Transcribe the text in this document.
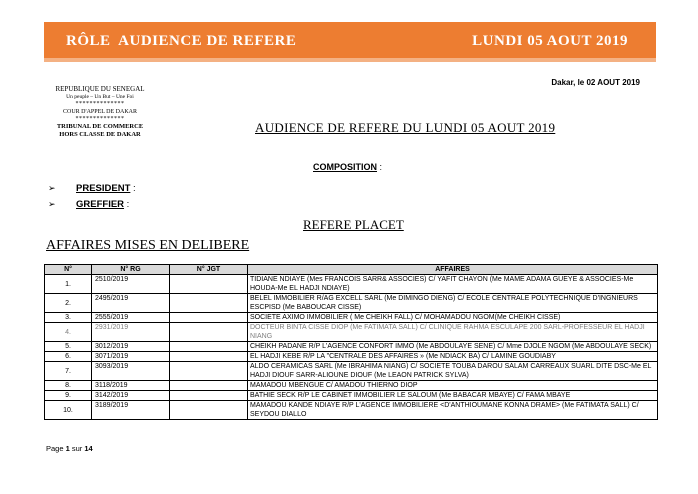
RÔLE  AUDIENCE DE REFERE	LUNDI 05 AOUT 2019
Dakar, le 02 AOUT 2019
REPUBLIQUE DU SENEGAL
Un peuple – Un But – Une Foi
**************
COUR D'APPEL DE DAKAR
**************
TRIBUNAL DE COMMERCE
HORS CLASSE DE DAKAR	AUDIENCE DE REFERE DU LUNDI 05 AOUT 2019
COMPOSITION :
➢ PRESIDENT :
➢ GREFFIER :
REFERE PLACET
AFFAIRES MISES EN DELIBERE
N°	N° RG	N° JGT	AFFAIRES
1.	2510/2019		TIDIANE NDIAYE (Mes FRANCOIS SARR& ASSOCIES) C/ YAFIT CHAYON (Me MAME ADAMA GUEYE & ASSOCIES-Me HOUDA-Me EL HADJI NDIAYE)
2.	2495/2019		BELEL IMMOBILIER R/AG EXCELL SARL (Me DIMINGO DIENG) C/ ECOLE CENTRALE POLYTECHNIQUE D'INGNIEURS ESCPISD (Me BABOUCAR CISSE)
3.	2555/2019		SOCIETE AXIMO IMMOBILIER ( Me CHEIKH FALL) C/ MOHAMADOU NGOM(Me CHEIKH CISSE)
4.	2931/2019		DOCTEUR BINTA CISSE DIOP (Me FATIMATA SALL) C/ CLINIQUE RAHMA ESCULAPE 200 SARL-PROFESSEUR EL HADJI NIANG
5.	3012/2019		CHEIKH PADANE R/P L'AGENCE CONFORT IMMO (Me ABDOULAYE SENE) C/ Mme DJOLE NGOM (Me ABDOULAYE SECK)
6.	3071/2019		EL HADJI KEBE R/P LA "CENTRALE DES AFFAIRES » (Me NDIACK BA) C/ LAMINE GOUDIABY
7.	3093/2019		ALDO CERAMICAS SARL (Me IBRAHIMA NIANG) C/ SOCIETE TOUBA DAROU SALAM CARREAUX SUARL DITE DSC-Me EL HADJI DIOUF SARR-ALIOUNE DIOUF (Me LEAON PATRICK SYLVA)
8.	3118/2019		MAMADOU MBENGUE C/ AMADOU THIERNO DIOP
9.	3142/2019		BATHIE SECK R/P LE CABINET IMMOBILIER LE SALOUM (Me BABACAR MBAYE) C/ FAMA MBAYE
10.	3189/2019		MAMADOU KANDE NDIAYE R/P L'AGENCE IMMOBILIERE <D'ANTHIOUMANE KONNA DRAME> (Me FATIMATA SALL) C/ SEYDOU DIALLO
Page 1 sur 14
